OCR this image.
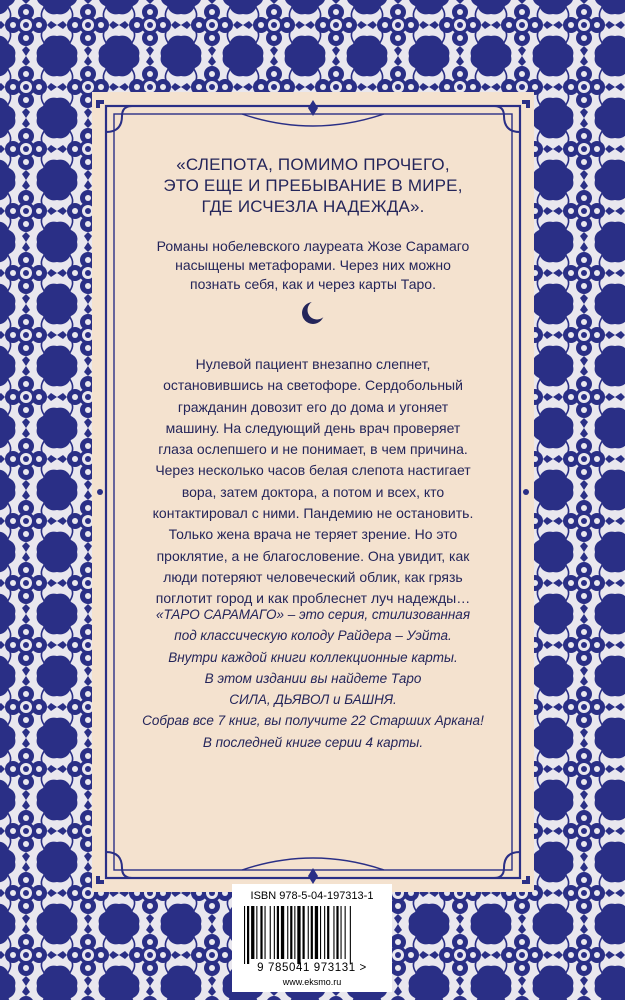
«СЛЕПОТА, ПОМИМО ПРОЧЕГО,
ЭТО ЕЩЕ И ПРЕБЫВАНИЕ В МИРЕ,
ГДЕ ИСЧЕЗЛА НАДЕЖДА».
Романы нобелевского лауреата Жозе Сарамаго
насыщены метафорами. Через них можно
познать себя, как и через карты Таро.
Нулевой пациент внезапно слепнет,
остановившись на светофоре. Сердобольный
гражданин довозит его до дома и угоняет
машину. На следующий день врач проверяет
глаза ослепшего и не понимает, в чем причина.
Через несколько часов белая слепота настигает
вора, затем доктора, а потом и всех, кто
контактировал с ними. Пандемию не остановить.
Только жена врача не теряет зрение. Но это
проклятие, а не благословение. Она увидит, как
люди потеряют человеческий облик, как грязь
поглотит город и как проблеснет луч надежды…
«ТАРО САРАМАГО» – это серия, стилизованная
под классическую колоду Райдера – Уэйта.
Внутри каждой книги коллекционные карты.
В этом издании вы найдете Таро
СИЛА, ДЬЯВОЛ и БАШНЯ.
Собрав все 7 книг, вы получите 22 Старших Аркана!
В последней книге серии 4 карты.
ISBN 978-5-04-197313-1
9 785041 973131 >
www.eksmo.ru
